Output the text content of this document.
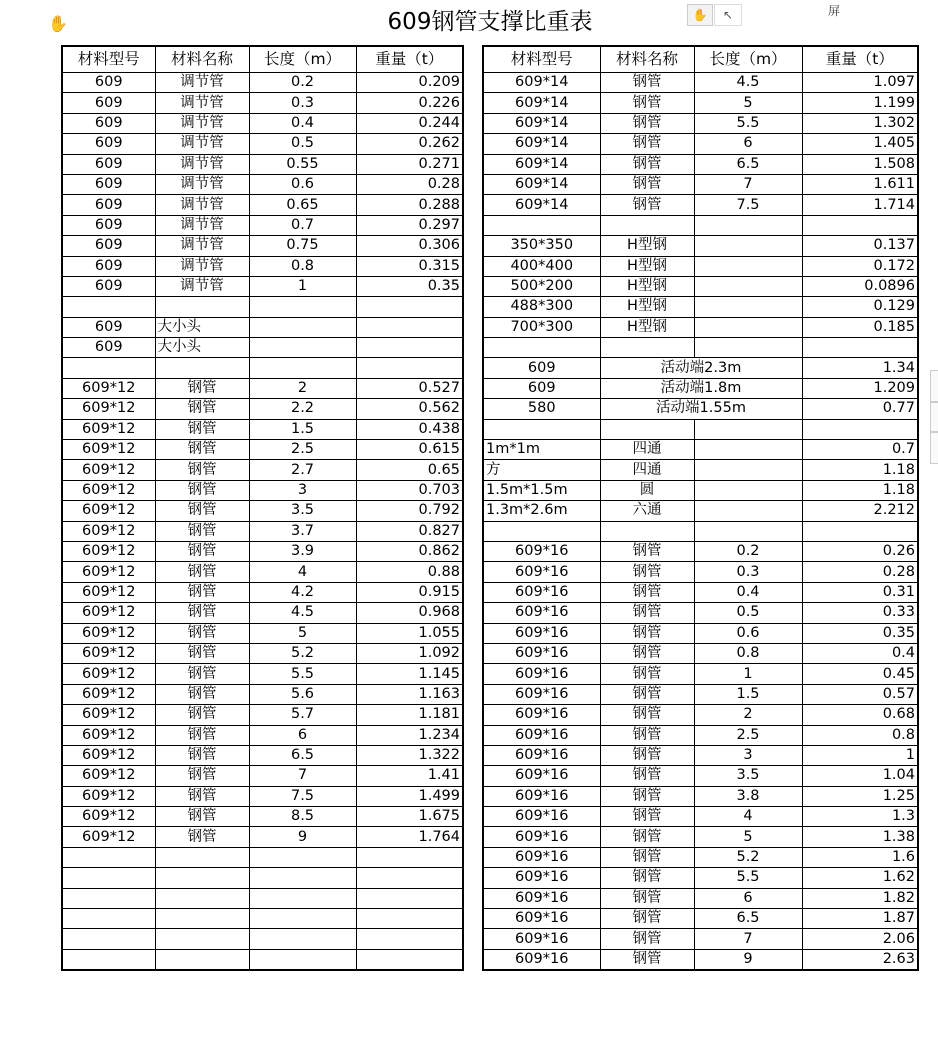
✋	609钢管支撑比重表	✋	↖	屏
材料型号	材料名称	长度（m）	重量（t）
609	调节管	0.2	0.209
609	调节管	0.3	0.226
609	调节管	0.4	0.244
609	调节管	0.5	0.262
609	调节管	0.55	0.271
609	调节管	0.6	0.28
609	调节管	0.65	0.288
609	调节管	0.7	0.297
609	调节管	0.75	0.306
609	调节管	0.8	0.315
609	调节管	1	0.35

609	大小头		
609	大小头		

609*12	钢管	2	0.527
609*12	钢管	2.2	0.562
609*12	钢管	1.5	0.438
609*12	钢管	2.5	0.615
609*12	钢管	2.7	0.65
609*12	钢管	3	0.703
609*12	钢管	3.5	0.792
609*12	钢管	3.7	0.827
609*12	钢管	3.9	0.862
609*12	钢管	4	0.88
609*12	钢管	4.2	0.915
609*12	钢管	4.5	0.968
609*12	钢管	5	1.055
609*12	钢管	5.2	1.092
609*12	钢管	5.5	1.145
609*12	钢管	5.6	1.163
609*12	钢管	5.7	1.181
609*12	钢管	6	1.234
609*12	钢管	6.5	1.322
609*12	钢管	7	1.41
609*12	钢管	7.5	1.499
609*12	钢管	8.5	1.675
609*12	钢管	9	1.764

材料型号	材料名称	长度（m）	重量（t）
609*14	钢管	4.5	1.097
609*14	钢管	5	1.199
609*14	钢管	5.5	1.302
609*14	钢管	6	1.405
609*14	钢管	6.5	1.508
609*14	钢管	7	1.611
609*14	钢管	7.5	1.714

350*350	H型钢		0.137
400*400	H型钢		0.172
500*200	H型钢		0.0896
488*300	H型钢		0.129
700*300	H型钢		0.185

609	活动端2.3m		1.34
609	活动端1.8m		1.209
580	活动端1.55m		0.77

1m*1m	四通		0.7
方	四通		1.18
1.5m*1.5m	圆		1.18
1.3m*2.6m	六通		2.212

609*16	钢管	0.2	0.26
609*16	钢管	0.3	0.28
609*16	钢管	0.4	0.31
609*16	钢管	0.5	0.33
609*16	钢管	0.6	0.35
609*16	钢管	0.8	0.4
609*16	钢管	1	0.45
609*16	钢管	1.5	0.57
609*16	钢管	2	0.68
609*16	钢管	2.5	0.8
609*16	钢管	3	1
609*16	钢管	3.5	1.04
609*16	钢管	3.8	1.25
609*16	钢管	4	1.3
609*16	钢管	5	1.38
609*16	钢管	5.2	1.6
609*16	钢管	5.5	1.62
609*16	钢管	6	1.82
609*16	钢管	6.5	1.87
609*16	钢管	7	2.06
609*16	钢管	9	2.63
